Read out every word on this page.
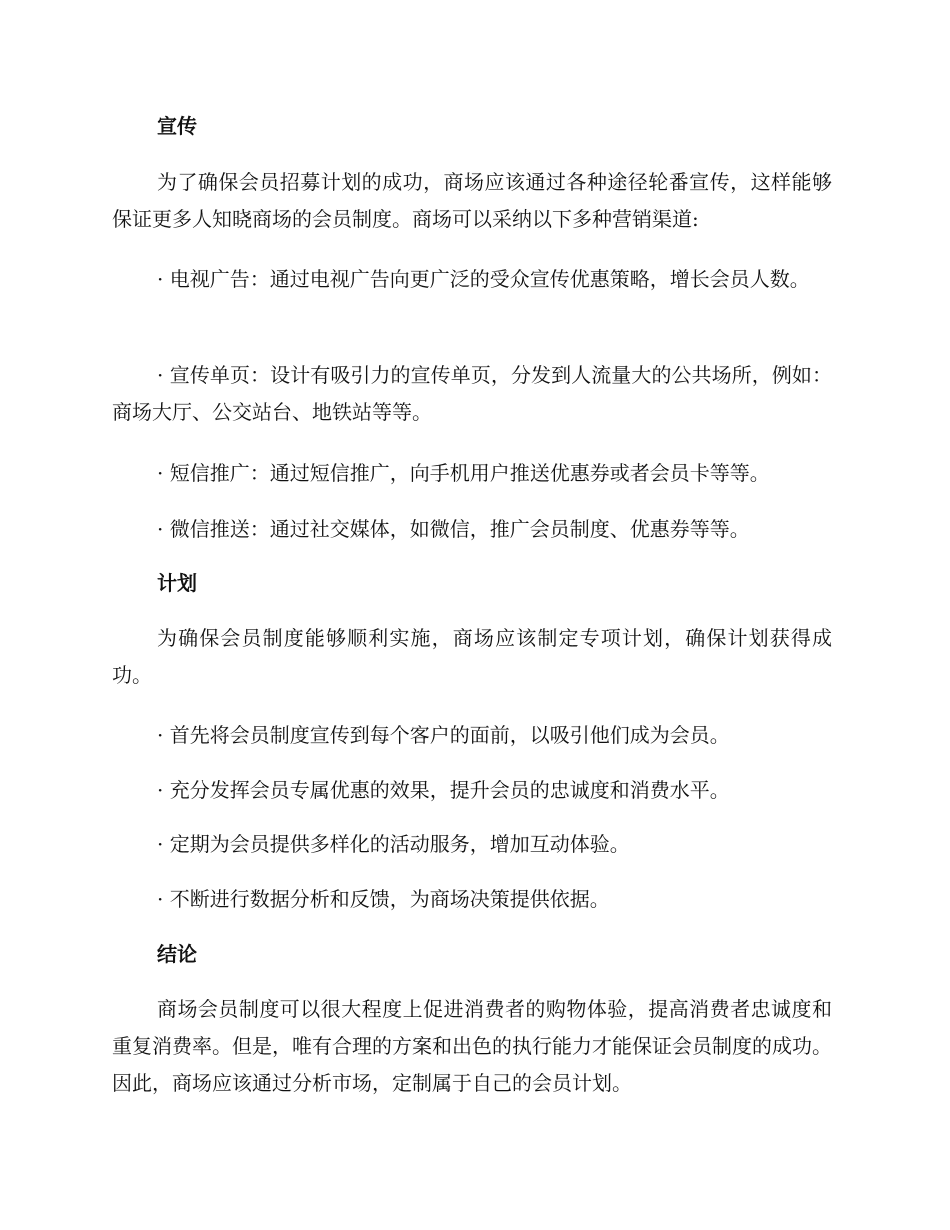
宣传

为了确保会员招募计划的成功，商场应该通过各种途径轮番宣传，这样能够保证更多人知晓商场的会员制度。商场可以采纳以下多种营销渠道:

· 电视广告：通过电视广告向更广泛的受众宣传优惠策略，增长会员人数。

· 宣传单页：设计有吸引力的宣传单页，分发到人流量大的公共场所，例如：商场大厅、公交站台、地铁站等等。

· 短信推广：通过短信推广，向手机用户推送优惠券或者会员卡等等。

· 微信推送：通过社交媒体，如微信，推广会员制度、优惠券等等。

计划

为确保会员制度能够顺利实施，商场应该制定专项计划，确保计划获得成功。

· 首先将会员制度宣传到每个客户的面前，以吸引他们成为会员。

· 充分发挥会员专属优惠的效果，提升会员的忠诚度和消费水平。

· 定期为会员提供多样化的活动服务，增加互动体验。

· 不断进行数据分析和反馈，为商场决策提供依据。

结论

商场会员制度可以很大程度上促进消费者的购物体验，提高消费者忠诚度和重复消费率。但是，唯有合理的方案和出色的执行能力才能保证会员制度的成功。因此，商场应该通过分析市场，定制属于自己的会员计划。
